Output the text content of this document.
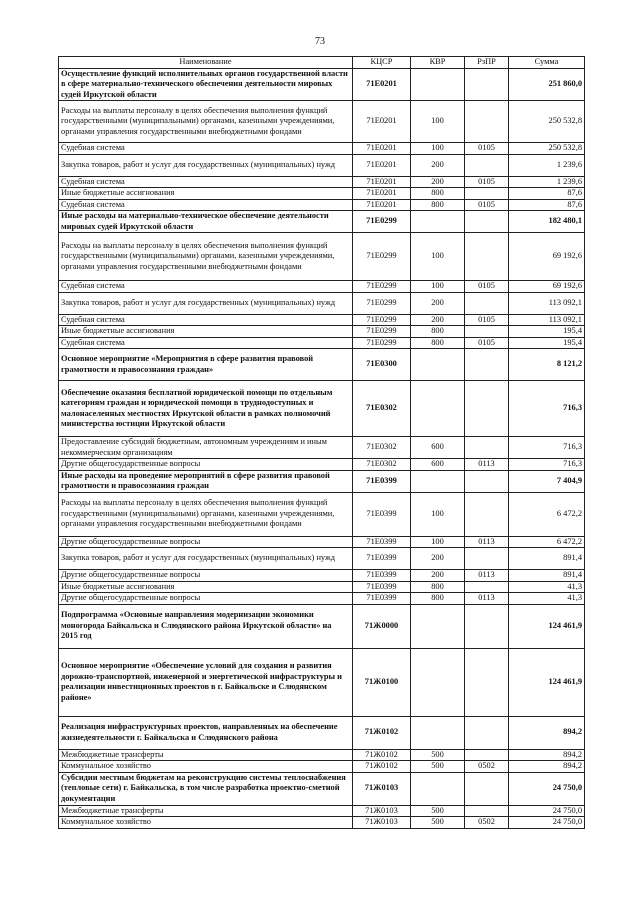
73
Наименование	КЦСР	КВР	РзПР	Сумма
Осуществление функций исполнительных органов государственной власти в сфере материально-технического обеспечения деятельности мировых судей Иркутской области	71Е0201			251 860,0
Расходы на выплаты персоналу в целях обеспечения выполнения функций государственными (муниципальными) органами, казенными учреждениями, органами управления государственными внебюджетными фондами	71Е0201	100		250 532,8
Судебная система	71Е0201	100	0105	250 532,8
Закупка товаров, работ и услуг для государственных (муниципальных) нужд	71Е0201	200		1 239,6
Судебная система	71Е0201	200	0105	1 239,6
Иные бюджетные ассигнования	71Е0201	800		87,6
Судебная система	71Е0201	800	0105	87,6
Иные расходы на материально-техническое обеспечение деятельности мировых судей Иркутской области	71Е0299			182 480,1
Расходы на выплаты персоналу в целях обеспечения выполнения функций государственными (муниципальными) органами, казенными учреждениями, органами управления государственными внебюджетными фондами	71Е0299	100		69 192,6
Судебная система	71Е0299	100	0105	69 192,6
Закупка товаров, работ и услуг для государственных (муниципальных) нужд	71Е0299	200		113 092,1
Судебная система	71Е0299	200	0105	113 092,1
Иные бюджетные ассигнования	71Е0299	800		195,4
Судебная система	71Е0299	800	0105	195,4
Основное мероприятие «Мероприятия в сфере развития правовой грамотности и правосознания граждан»	71Е0300			8 121,2
Обеспечение оказания бесплатной юридической помощи по отдельным категориям граждан и юридической помощи в труднодоступных и малонаселенных местностях Иркутской области в рамках полномочий министерства юстиции Иркутской области	71Е0302			716,3
Предоставление субсидий бюджетным, автономным учреждениям и иным некоммерческим организациям	71Е0302	600		716,3
Другие общегосударственные вопросы	71Е0302	600	0113	716,3
Иные расходы на проведение мероприятий в сфере развития правовой грамотности и правосознания граждан	71Е0399			7 404,9
Расходы на выплаты персоналу в целях обеспечения выполнения функций государственными (муниципальными) органами, казенными учреждениями, органами управления государственными внебюджетными фондами	71Е0399	100		6 472,2
Другие общегосударственные вопросы	71Е0399	100	0113	6 472,2
Закупка товаров, работ и услуг для государственных (муниципальных) нужд	71Е0399	200		891,4
Другие общегосударственные вопросы	71Е0399	200	0113	891,4
Иные бюджетные ассигнования	71Е0399	800		41,3
Другие общегосударственные вопросы	71Е0399	800	0113	41,3
Подпрограмма «Основные направления модернизации экономики моногорода Байкальска и Слюдянского района Иркутской области» на 2015 год	71Ж0000			124 461,9
Основное мероприятие «Обеспечение условий для создания и развития дорожно-транспортной, инженерной и энергетической инфраструктуры и реализации инвестиционных проектов в г. Байкальске и Слюдянском районе»	71Ж0100			124 461,9
Реализация инфраструктурных проектов, направленных на обеспечение жизнедеятельности г. Байкальска и Слюдянского района	71Ж0102			894,2
Межбюджетные трансферты	71Ж0102	500		894,2
Коммунальное хозяйство	71Ж0102	500	0502	894,2
Субсидии местным бюджетам на реконструкцию системы теплоснабжения (тепловые сети) г. Байкальска, в том числе разработка проектно-сметной документации	71Ж0103			24 750,0
Межбюджетные трансферты	71Ж0103	500		24 750,0
Коммунальное хозяйство	71Ж0103	500	0502	24 750,0
